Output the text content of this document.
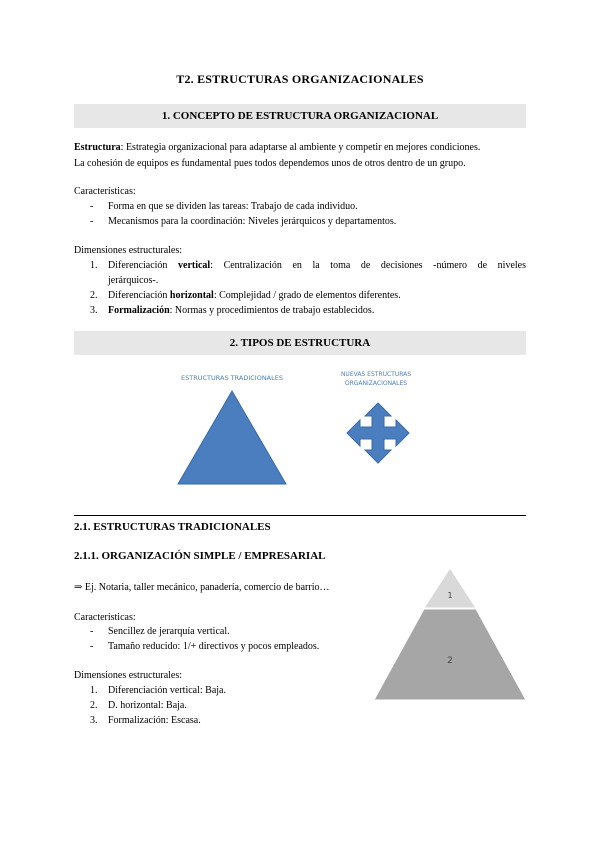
T2. ESTRUCTURAS ORGANIZACIONALES
1. CONCEPTO DE ESTRUCTURA ORGANIZACIONAL
Estructura: Estrategia organizacional para adaptarse al ambiente y competir en mejores condiciones.
La cohesión de equipos es fundamental pues todos dependemos unos de otros dentro de un grupo.
Características:
- Forma en que se dividen las tareas: Trabajo de cada individuo.
- Mecanismos para la coordinación: Niveles jerárquicos y departamentos.
Dimensiones estructurales:
1. Diferenciación vertical: Centralización en la toma de decisiones -número de niveles
jerárquicos-.
2. Diferenciación horizontal: Complejidad / grado de elementos diferentes.
3. Formalización: Normas y procedimientos de trabajo establecidos.
2. TIPOS DE ESTRUCTURA
ESTRUCTURAS TRADICIONALES	NUEVAS ESTRUCTURAS
ORGANIZACIONALES
2.1. ESTRUCTURAS TRADICIONALES
2.1.1. ORGANIZACIÓN SIMPLE / EMPRESARIAL
⇒ Ej. Notaria, taller mecánico, panadería, comercio de barrio…
Características:
- Sencillez de jerarquía vertical.
- Tamaño reducido: 1/+ directivos y pocos empleados.
Dimensiones estructurales:
1. Diferenciación vertical: Baja.
2. D. horizontal: Baja.
3. Formalización: Escasa.
1
2
